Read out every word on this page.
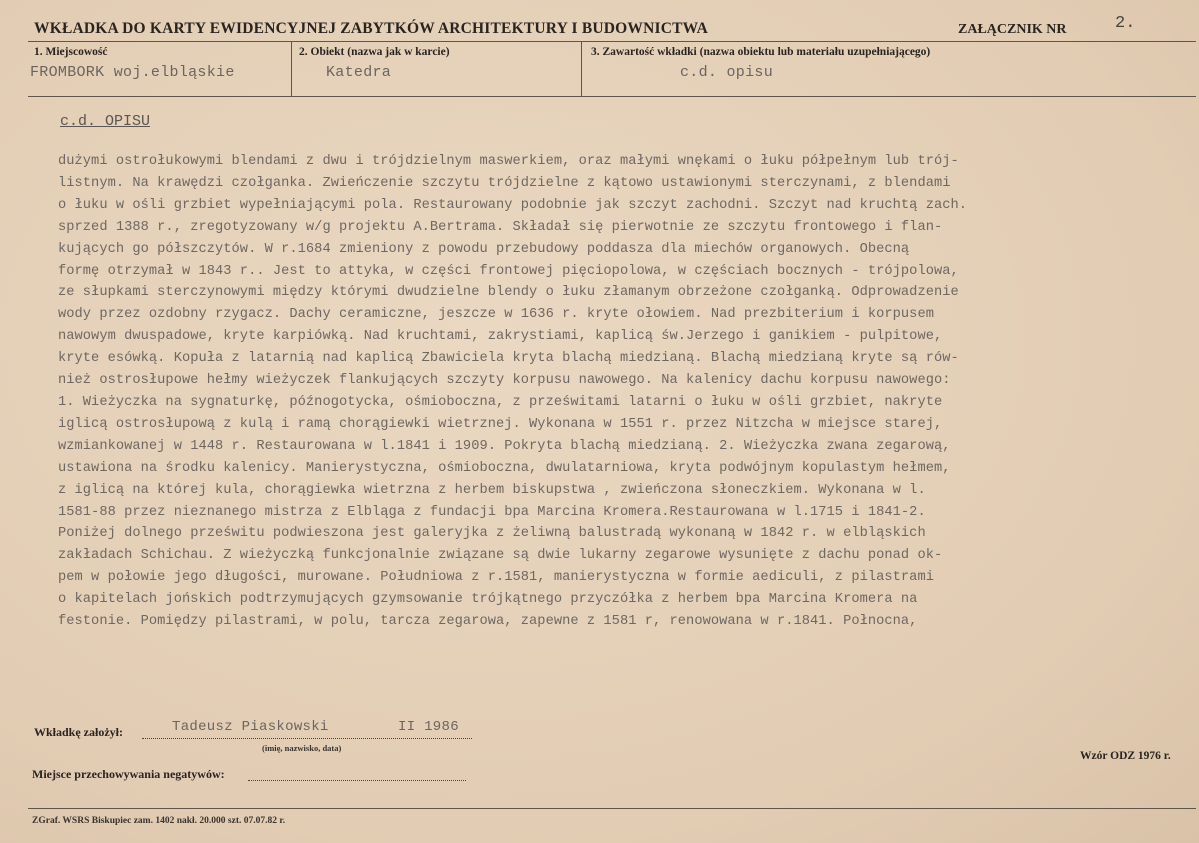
WKŁADKA DO KARTY EWIDENCYJNEJ ZABYTKÓW ARCHITEKTURY I BUDOWNICTWA	ZAŁĄCZNIK NR	2.
1. Miejscowość
FROMBORK woj.elbląskie
2. Obiekt (nazwa jak w karcie)
Katedra
3. Zawartość wkładki (nazwa obiektu lub materiału uzupełniającego)
c.d. opisu
c.d. OPISU
dużymi ostrołukowymi blendami z dwu i trójdzielnym maswerkiem, oraz małymi wnękami o łuku półpełnym lub trój-
listnym. Na krawędzi czołganka. Zwieńczenie szczytu trójdzielne z kątowo ustawionymi sterczynami, z blendami
o łuku w ośli grzbiet wypełniającymi pola. Restaurowany podobnie jak szczyt zachodni. Szczyt nad kruchtą zach.
sprzed 1388 r., zregotyzowany w/g projektu A.Bertrama. Składał się pierwotnie ze szczytu frontowego i flan-
kujących go półszczytów. W r.1684 zmieniony z powodu przebudowy poddasza dla miechów organowych. Obecną
formę otrzymał w 1843 r.. Jest to attyka, w części frontowej pięciopolowa, w częściach bocznych - trójpolowa,
ze słupkami sterczynowymi między którymi dwudzielne blendy o łuku złamanym obrzeżone czołganką. Odprowadzenie
wody przez ozdobny rzygacz. Dachy ceramiczne, jeszcze w 1636 r. kryte ołowiem. Nad prezbiterium i korpusem
nawowym dwuspadowe, kryte karpiówką. Nad kruchtami, zakrystiami, kaplicą św.Jerzego i ganikiem - pulpitowe,
kryte esówką. Kopuła z latarnią nad kaplicą Zbawiciela kryta blachą miedzianą. Blachą miedzianą kryte są rów-
nież ostrosłupowe hełmy wieżyczek flankujących szczyty korpusu nawowego. Na kalenicy dachu korpusu nawowego:
1. Wieżyczka na sygnaturkę, późnogotycka, ośmioboczna, z prześwitami latarni o łuku w ośli grzbiet, nakryte
iglicą ostrosłupową z kulą i ramą chorągiewki wietrznej. Wykonana w 1551 r. przez Nitzcha w miejsce starej,
wzmiankowanej w 1448 r. Restaurowana w l.1841 i 1909. Pokryta blachą miedzianą. 2. Wieżyczka zwana zegarową,
ustawiona na środku kalenicy. Manierystyczna, ośmioboczna, dwulatarniowa, kryta podwójnym kopulastym hełmem,
z iglicą na której kula, chorągiewka wietrzna z herbem biskupstwa , zwieńczona słoneczkiem. Wykonana w l.
1581-88 przez nieznanego mistrza z Elbląga z fundacji bpa Marcina Kromera.Restaurowana w l.1715 i 1841-2.
Poniżej dolnego prześwitu podwieszona jest galeryjka z żeliwną balustradą wykonaną w 1842 r. w elbląskich
zakładach Schichau. Z wieżyczką funkcjonalnie związane są dwie lukarny zegarowe wysunięte z dachu ponad ok-
pem w połowie jego długości, murowane. Południowa z r.1581, manierystyczna w formie aediculi, z pilastrami
o kapitelach jońskich podtrzymujących gzymsowanie trójkątnego przyczółka z herbem bpa Marcina Kromera na
festonie. Pomiędzy pilastrami, w polu, tarcza zegarowa, zapewne z 1581 r, renowowana w r.1841. Połnocna,
Wkładkę założył:	Tadeusz Piaskowski	II 1986
(imię, nazwisko, data)
Wzór ODZ 1976 r.
Miejsce przechowywania negatywów:
ZGraf. WSRS Biskupiec zam. 1402 nakł. 20.000 szt. 07.07.82 r.
